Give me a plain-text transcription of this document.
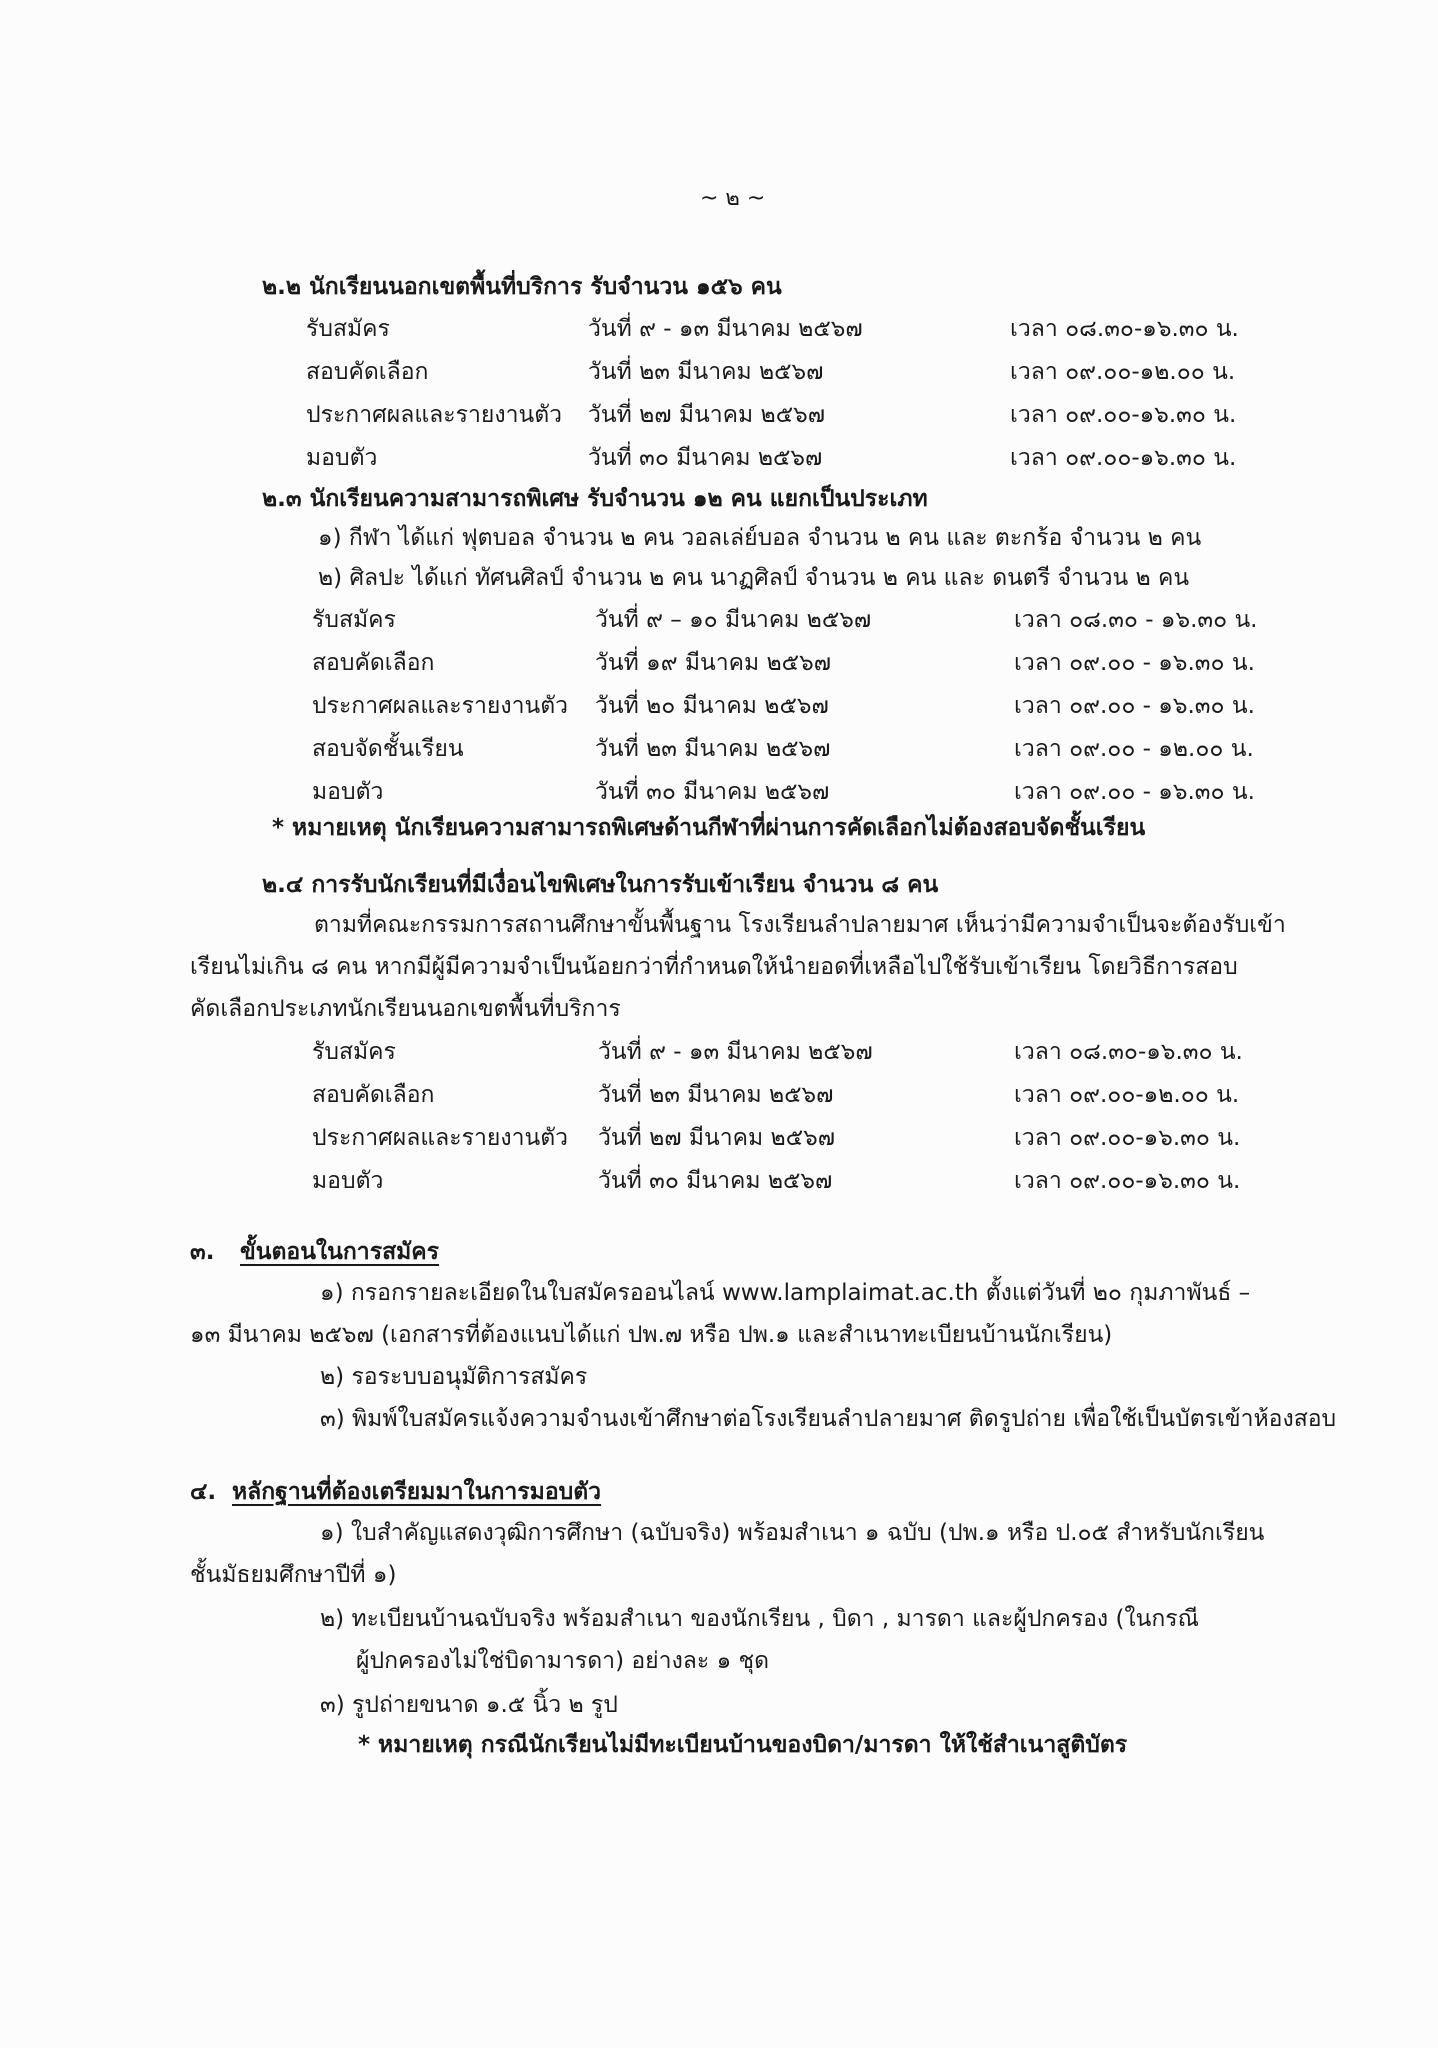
~ ๒ ~
๒.๒ นักเรียนนอกเขตพื้นที่บริการ รับจำนวน ๑๕๖ คน
รับสมัคร	วันที่ ๙ - ๑๓ มีนาคม ๒๕๖๗	เวลา ๐๘.๓๐-๑๖.๓๐ น.
สอบคัดเลือก	วันที่ ๒๓ มีนาคม ๒๕๖๗	เวลา ๐๙.๐๐-๑๒.๐๐ น.
ประกาศผลและรายงานตัว วันที่ ๒๗ มีนาคม ๒๕๖๗	เวลา ๐๙.๐๐-๑๖.๓๐ น.
มอบตัว	วันที่ ๓๐ มีนาคม ๒๕๖๗	เวลา ๐๙.๐๐-๑๖.๓๐ น.
๒.๓ นักเรียนความสามารถพิเศษ รับจำนวน ๑๒ คน แยกเป็นประเภท
๑) กีฬา ได้แก่ ฟุตบอล จำนวน ๒ คน วอลเล่ย์บอล จำนวน ๒ คน และ ตะกร้อ จำนวน ๒ คน
๒) ศิลปะ ได้แก่ ทัศนศิลป์ จำนวน ๒ คน นาฏศิลป์ จำนวน ๒ คน และ ดนตรี จำนวน ๒ คน
รับสมัคร	วันที่ ๙ – ๑๐ มีนาคม ๒๕๖๗	เวลา ๐๘.๓๐ - ๑๖.๓๐ น.
สอบคัดเลือก	วันที่ ๑๙ มีนาคม ๒๕๖๗	เวลา ๐๙.๐๐ - ๑๖.๓๐ น.
ประกาศผลและรายงานตัว วันที่ ๒๐ มีนาคม ๒๕๖๗	เวลา ๐๙.๐๐ - ๑๖.๓๐ น.
สอบจัดชั้นเรียน	วันที่ ๒๓ มีนาคม ๒๕๖๗	เวลา ๐๙.๐๐ - ๑๒.๐๐ น.
มอบตัว	วันที่ ๓๐ มีนาคม ๒๕๖๗	เวลา ๐๙.๐๐ - ๑๖.๓๐ น.
* หมายเหตุ นักเรียนความสามารถพิเศษด้านกีฬาที่ผ่านการคัดเลือกไม่ต้องสอบจัดชั้นเรียน
๒.๔ การรับนักเรียนที่มีเงื่อนไขพิเศษในการรับเข้าเรียน จำนวน ๘ คน
ตามที่คณะกรรมการสถานศึกษาขั้นพื้นฐาน โรงเรียนลำปลายมาศ เห็นว่ามีความจำเป็นจะต้องรับเข้า
เรียนไม่เกิน ๘ คน หากมีผู้มีความจำเป็นน้อยกว่าที่กำหนดให้นำยอดที่เหลือไปใช้รับเข้าเรียน โดยวิธีการสอบ
คัดเลือกประเภทนักเรียนนอกเขตพื้นที่บริการ
รับสมัคร	วันที่ ๙ - ๑๓ มีนาคม ๒๕๖๗	เวลา ๐๘.๓๐-๑๖.๓๐ น.
สอบคัดเลือก	วันที่ ๒๓ มีนาคม ๒๕๖๗	เวลา ๐๙.๐๐-๑๒.๐๐ น.
ประกาศผลและรายงานตัว วันที่ ๒๗ มีนาคม ๒๕๖๗	เวลา ๐๙.๐๐-๑๖.๓๐ น.
มอบตัว	วันที่ ๓๐ มีนาคม ๒๕๖๗	เวลา ๐๙.๐๐-๑๖.๓๐ น.
๓. ขั้นตอนในการสมัคร
๑) กรอกรายละเอียดในใบสมัครออนไลน์ www.lamplaimat.ac.th ตั้งแต่วันที่ ๒๐ กุมภาพันธ์ –
๑๓ มีนาคม ๒๕๖๗ (เอกสารที่ต้องแนบได้แก่ ปพ.๗ หรือ ปพ.๑ และสำเนาทะเบียนบ้านนักเรียน)
๒) รอระบบอนุมัติการสมัคร
๓) พิมพ์ใบสมัครแจ้งความจำนงเข้าศึกษาต่อโรงเรียนลำปลายมาศ ติดรูปถ่าย เพื่อใช้เป็นบัตรเข้าห้องสอบ
๔. หลักฐานที่ต้องเตรียมมาในการมอบตัว
๑) ใบสำคัญแสดงวุฒิการศึกษา (ฉบับจริง) พร้อมสำเนา ๑ ฉบับ (ปพ.๑ หรือ ป.๐๕ สำหรับนักเรียน
ชั้นมัธยมศึกษาปีที่ ๑)
๒) ทะเบียนบ้านฉบับจริง พร้อมสำเนา ของนักเรียน , บิดา , มารดา และผู้ปกครอง (ในกรณี
ผู้ปกครองไม่ใช่บิดามารดา) อย่างละ ๑ ชุด
๓) รูปถ่ายขนาด ๑.๕ นิ้ว ๒ รูป
* หมายเหตุ กรณีนักเรียนไม่มีทะเบียนบ้านของบิดา/มารดา ให้ใช้สำเนาสูติบัตร
